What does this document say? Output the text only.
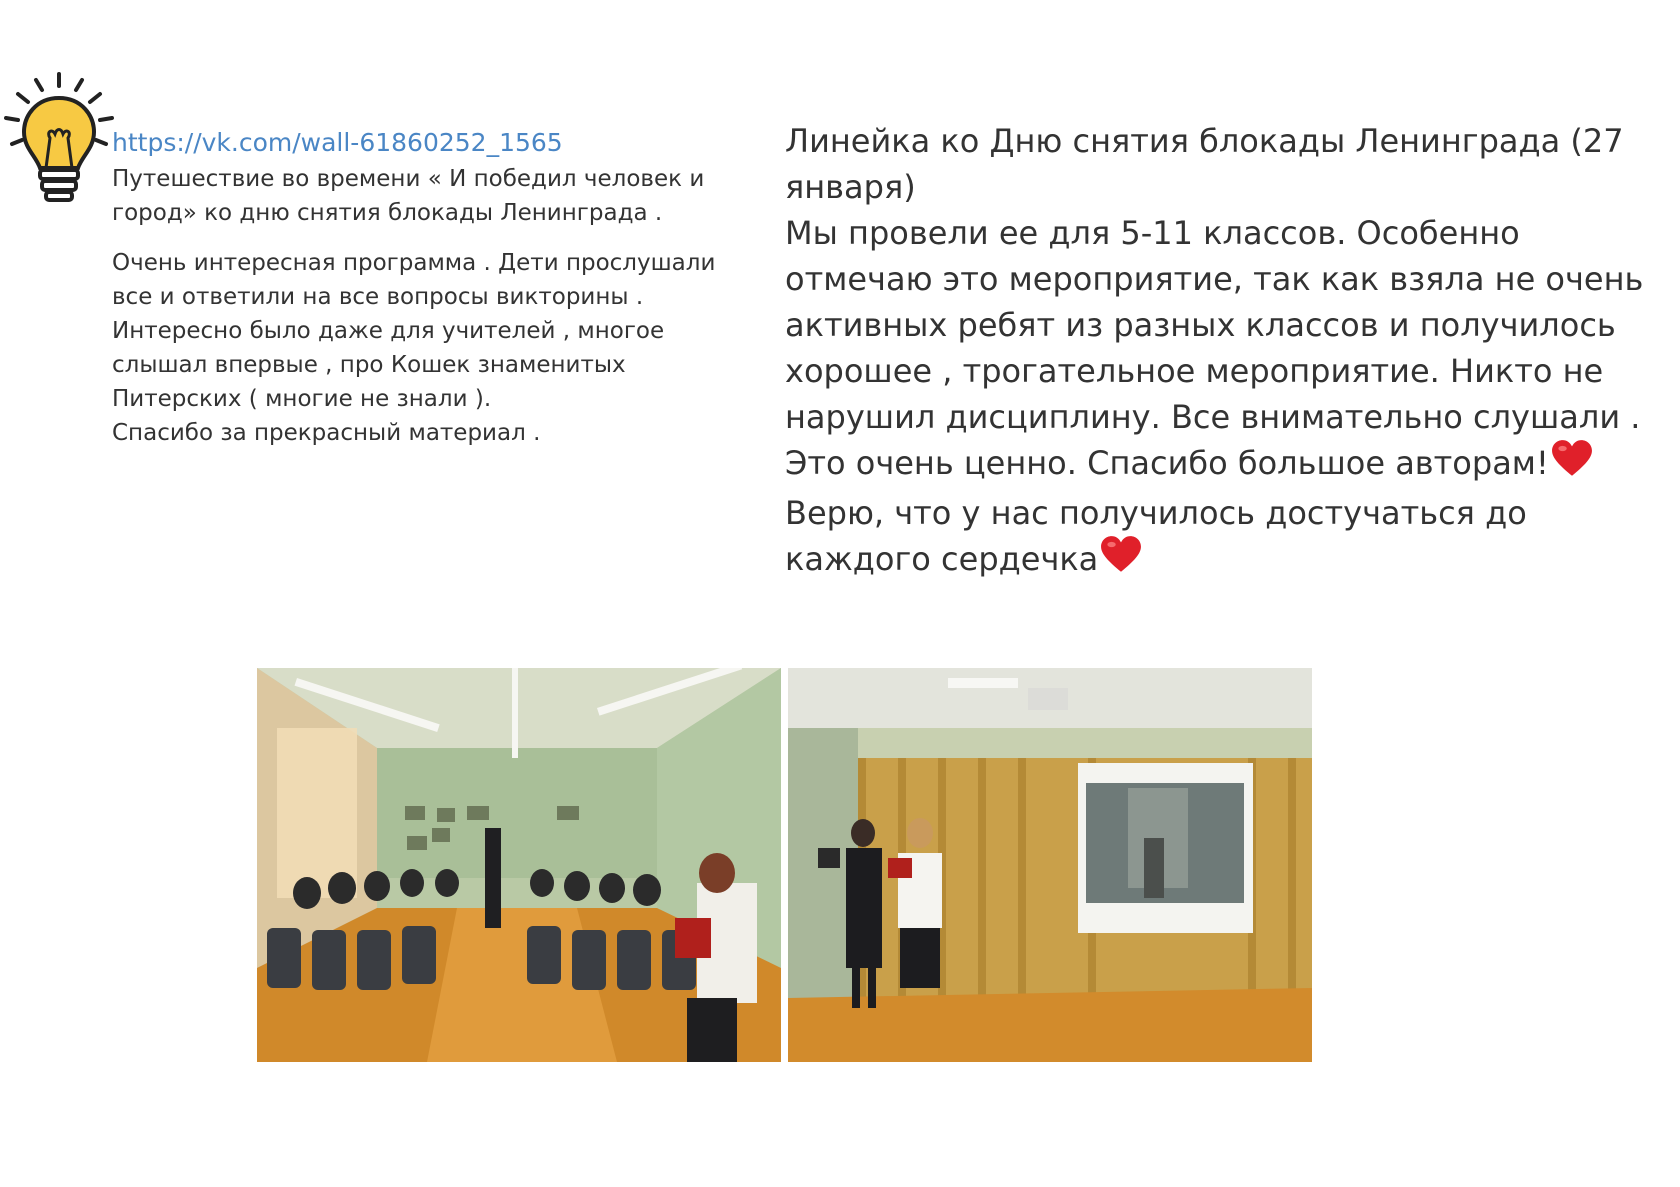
https://vk.com/wall-61860252_1565

Путешествие во времени « И победил человек и
город» ко дню снятия блокады Ленинграда .

Очень интересная программа . Дети прослушали
все и ответили на все вопросы викторины .
Интересно было даже для учителей , многое
слышал впервые , про Кошек знаменитых
Питерских ( многие не знали ).
Спасибо за прекрасный материал .

Линейка ко Дню снятия блокады Ленинграда (27

января)

Мы провели ее для 5-11 классов. Особенно

отмечаю это мероприятие, так как взяла не очень

активных ребят из разных классов и получилось

хорошее , трогательное мероприятие. Никто не

нарушил дисциплину. Все внимательно слушали .

Это очень ценно. Спасибо большое авторам!

Верю, что у нас получилось достучаться до

каждого сердечка
